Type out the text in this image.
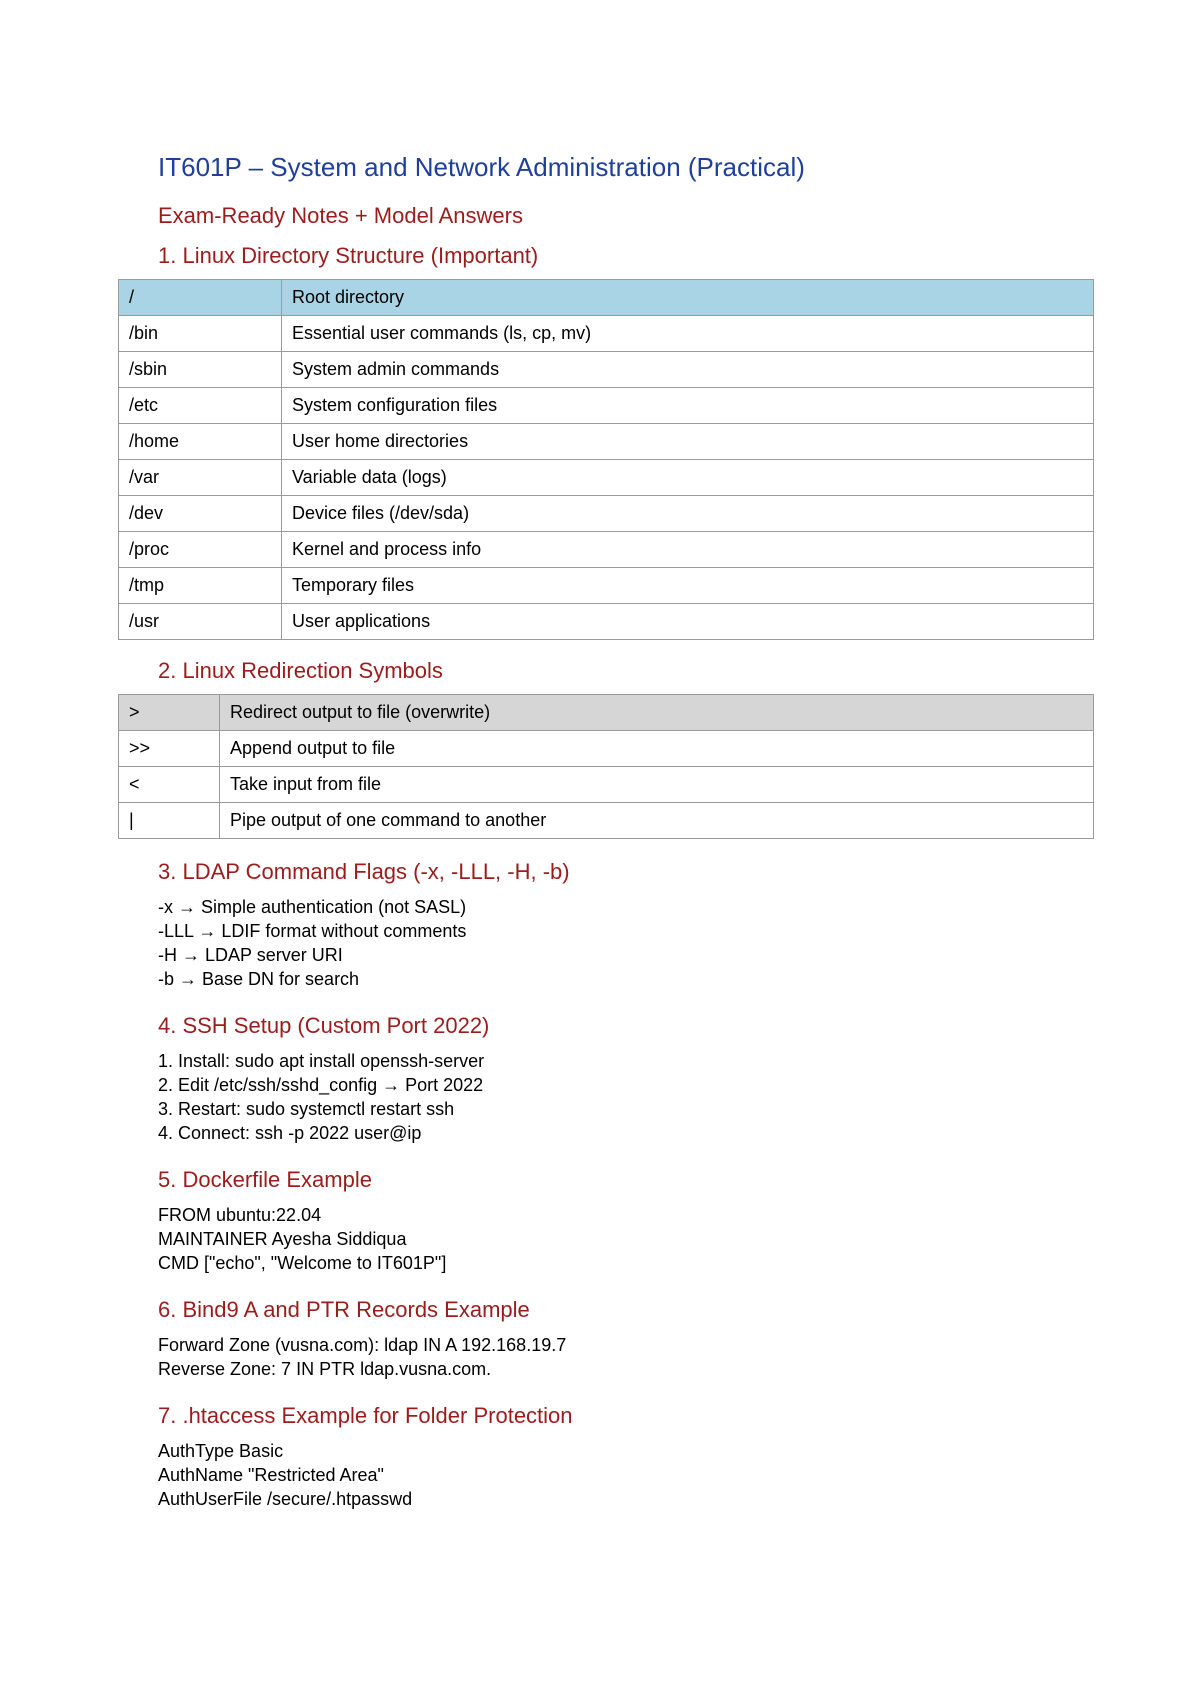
IT601P – System and Network Administration (Practical)
Exam-Ready Notes + Model Answers
1. Linux Directory Structure (Important)
/	Root directory
/bin	Essential user commands (ls, cp, mv)
/sbin	System admin commands
/etc	System configuration files
/home	User home directories
/var	Variable data (logs)
/dev	Device files (/dev/sda)
/proc	Kernel and process info
/tmp	Temporary files
/usr	User applications
2. Linux Redirection Symbols
>	Redirect output to file (overwrite)
>>	Append output to file
<	Take input from file
|	Pipe output of one command to another
3. LDAP Command Flags (-x, -LLL, -H, -b)
-x → Simple authentication (not SASL)
-LLL → LDIF format without comments
-H → LDAP server URI
-b → Base DN for search
4. SSH Setup (Custom Port 2022)
1. Install: sudo apt install openssh-server
2. Edit /etc/ssh/sshd_config → Port 2022
3. Restart: sudo systemctl restart ssh
4. Connect: ssh -p 2022 user@ip
5. Dockerfile Example
FROM ubuntu:22.04
MAINTAINER Ayesha Siddiqua
CMD ["echo", "Welcome to IT601P"]
6. Bind9 A and PTR Records Example
Forward Zone (vusna.com): ldap IN A 192.168.19.7
Reverse Zone: 7 IN PTR ldap.vusna.com.
7. .htaccess Example for Folder Protection
AuthType Basic
AuthName "Restricted Area"
AuthUserFile /secure/.htpasswd
